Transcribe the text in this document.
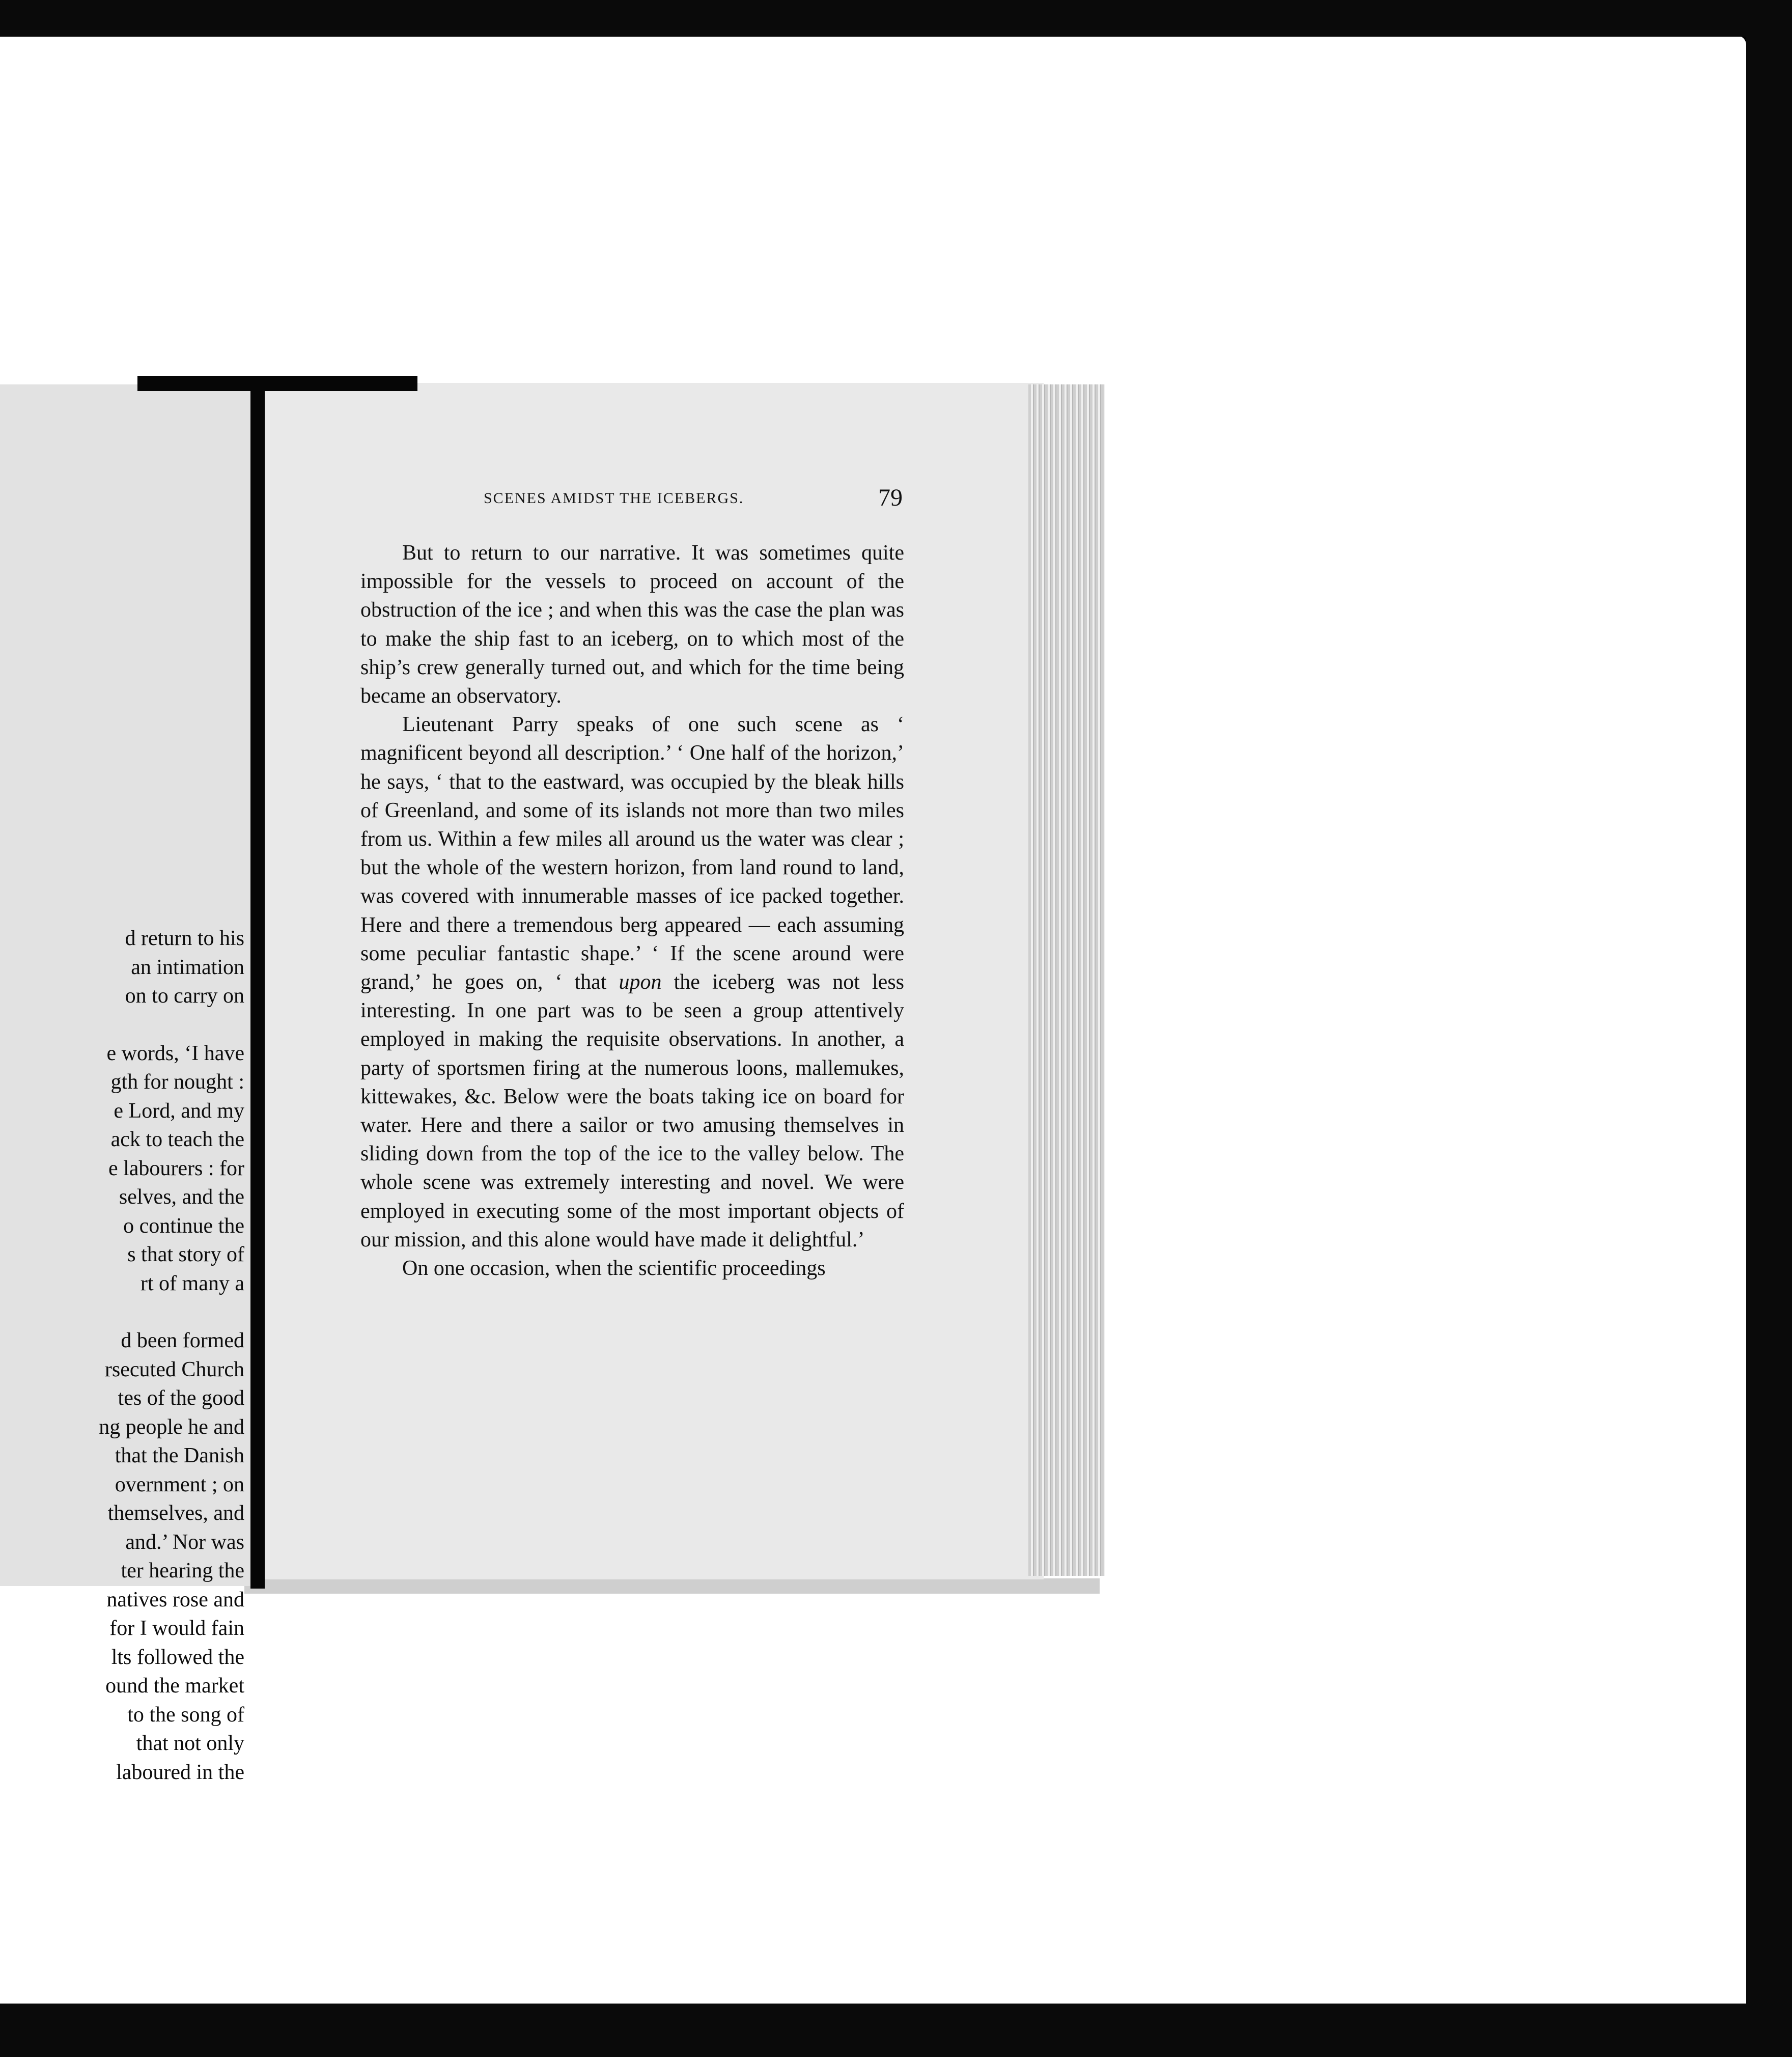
d return to his
an intimation
on to carry on
e words, ‘I have
gth for nought :
e Lord, and my
ack to teach the
e labourers : for
selves, and the
o continue the
s that story of
rt of many a
d been formed
rsecuted Church
tes of the good
ng people he and
that the Danish
overnment ; on
themselves, and
and.’ Nor was
ter hearing the
natives rose and
for I would fain
lts followed the
ound the market
to the song of
that not only
laboured in the
SCENES AMIDST THE ICEBERGS.	79

But to return to our narrative. It was sometimes quite impossible for the vessels to proceed on account of the obstruction of the ice ; and when this was the case the plan was to make the ship fast to an iceberg, on to which most of the ship’s crew generally turned out, and which for the time being became an observatory.

Lieutenant Parry speaks of one such scene as ‘ magnificent beyond all description.’ ‘ One half of the horizon,’ he says, ‘ that to the eastward, was occupied by the bleak hills of Greenland, and some of its islands not more than two miles from us. Within a few miles all around us the water was clear ; but the whole of the western horizon, from land round to land, was covered with innumerable masses of ice packed together. Here and there a tremendous berg appeared — each assuming some peculiar fantastic shape.’ ‘ If the scene around were grand,’ he goes on, ‘ that upon the iceberg was not less interesting. In one part was to be seen a group attentively employed in making the requisite observations. In another, a party of sportsmen firing at the numerous loons, mallemukes, kittewakes, &c. Below were the boats taking ice on board for water. Here and there a sailor or two amusing themselves in sliding down from the top of the ice to the valley below. The whole scene was extremely interesting and novel. We were employed in executing some of the most important objects of our mission, and this alone would have made it delightful.’

On one occasion, when the scientific proceedings
